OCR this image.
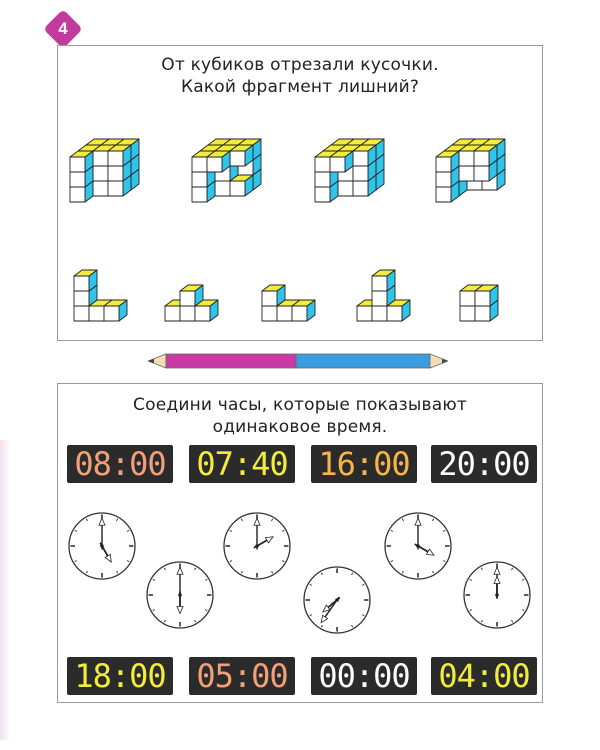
4
От кубиков отрезали кусочки.
Какой фрагмент лишний?
Соедини часы, которые показывают
одинаковое время.
08:00 07:40 16:00 20:00
18:00 05:00 00:00 04:00
